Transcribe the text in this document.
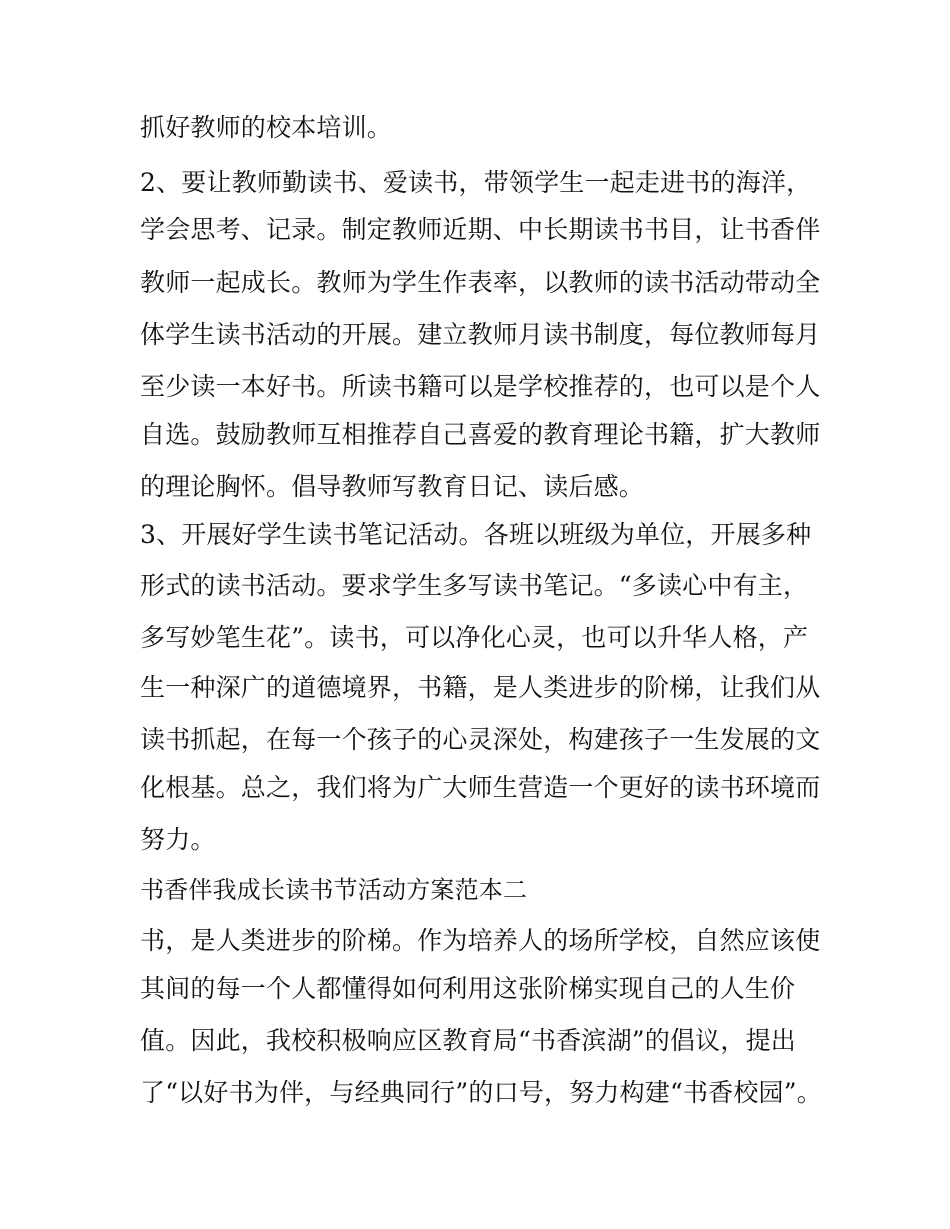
抓好教师的校本培训。
2、要让教师勤读书、爱读书，带领学生一起走进书的海洋，
学会思考、记录。制定教师近期、中长期读书书目，让书香伴
教师一起成长。教师为学生作表率，以教师的读书活动带动全
体学生读书活动的开展。建立教师月读书制度，每位教师每月
至少读一本好书。所读书籍可以是学校推荐的，也可以是个人
自选。鼓励教师互相推荐自己喜爱的教育理论书籍，扩大教师
的理论胸怀。倡导教师写教育日记、读后感。
3、开展好学生读书笔记活动。各班以班级为单位，开展多种
形式的读书活动。要求学生多写读书笔记。“多读心中有主，
多写妙笔生花”。读书，可以净化心灵，也可以升华人格，产
生一种深广的道德境界，书籍，是人类进步的阶梯，让我们从
读书抓起，在每一个孩子的心灵深处，构建孩子一生发展的文
化根基。总之，我们将为广大师生营造一个更好的读书环境而
努力。
书香伴我成长读书节活动方案范本二
书，是人类进步的阶梯。作为培养人的场所学校，自然应该使
其间的每一个人都懂得如何利用这张阶梯实现自己的人生价
值。因此，我校积极响应区教育局“书香滨湖”的倡议，提出
了“以好书为伴，与经典同行”的口号，努力构建“书香校园”。
